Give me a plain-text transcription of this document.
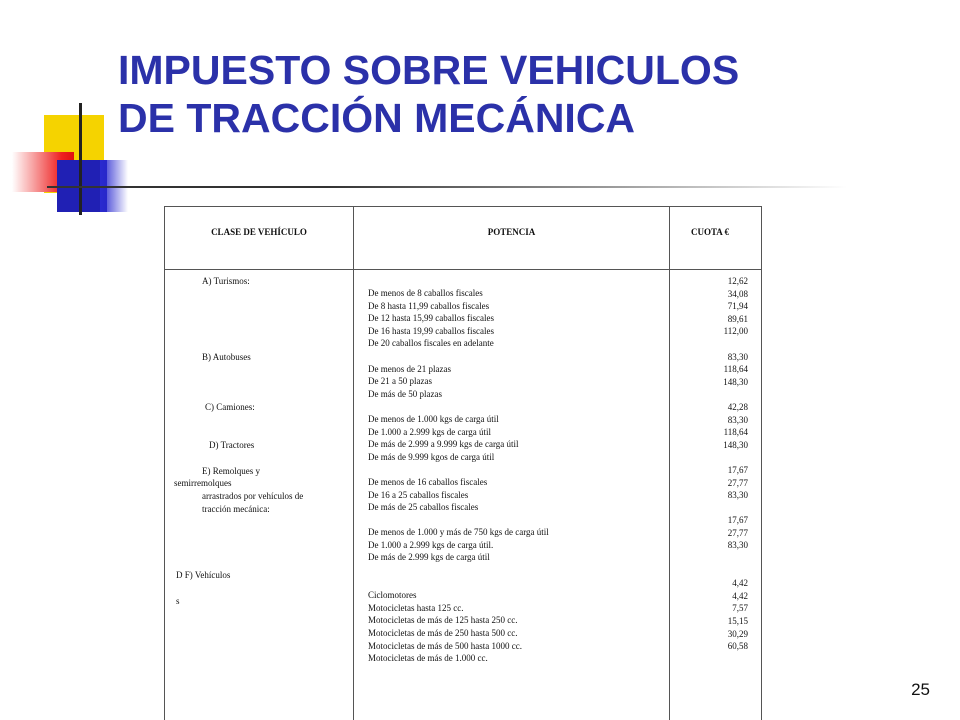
IMPUESTO SOBRE VEHICULOS
DE TRACCIÓN MECÁNICA
CLASE DE VEHÍCULO	POTENCIA	CUOTA €
A) Turismos:
B) Autobuses
C) Camiones:
D) Tractores
E) Remolques y
semirremolques
arrastrados por vehículos de
tracción mecánica:
D F) Vehículos
s
De menos de 8 caballos fiscales
De 8 hasta 11,99 caballos fiscales
De 12 hasta 15,99 caballos fiscales
De 16 hasta 19,99 caballos fiscales
De 20 caballos fiscales en adelante
De menos de 21 plazas
De 21 a 50 plazas
De más de 50 plazas
De menos de 1.000 kgs de carga útil
De 1.000 a 2.999 kgs de carga útil
De más de 2.999 a 9.999 kgs de carga útil
De más de 9.999 kgos de carga útil
De menos de 16 caballos fiscales
De 16 a 25 caballos fiscales
De más de 25 caballos fiscales
De menos de 1.000 y más de 750 kgs de carga útil
De 1.000 a 2.999 kgs de carga útil.
De más de 2.999 kgs de carga útil
Ciclomotores
Motocicletas hasta 125 cc.
Motocicletas de más de 125 hasta 250 cc.
Motocicletas de más de 250 hasta 500 cc.
Motocicletas de más de 500 hasta 1000 cc.
Motocicletas de más de 1.000 cc.
12,62
34,08
71,94
89,61
112,00
83,30
118,64
148,30
42,28
83,30
118,64
148,30
17,67
27,77
83,30
17,67
27,77
83,30
4,42
4,42
7,57
15,15
30,29
60,58
25
